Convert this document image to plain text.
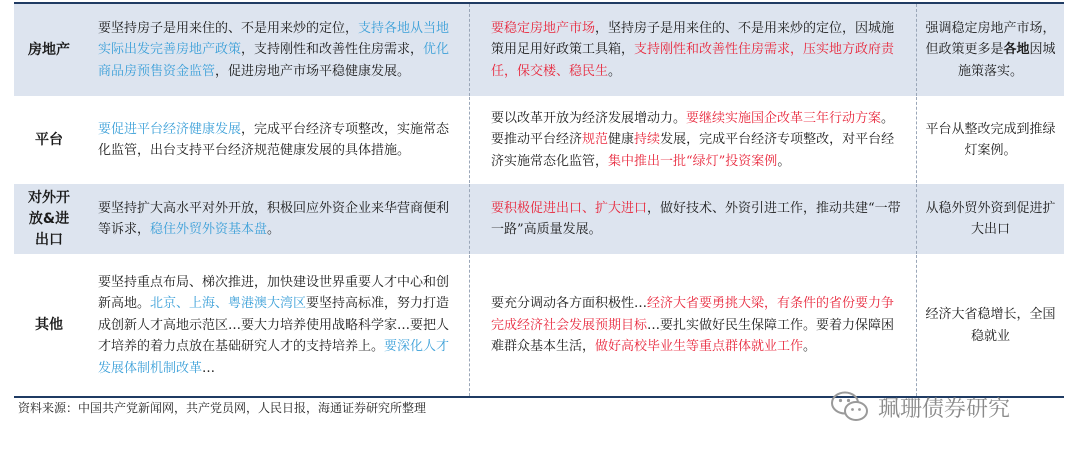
房地产

要坚持房子是用来住的、不是用来炒的定位，支持各地从当地实际出发完善房地产政策，支持刚性和改善性住房需求，优化商品房预售资金监管，促进房地产市场平稳健康发展。

要稳定房地产市场，坚持房子是用来住的、不是用来炒的定位，因城施策用足用好政策工具箱，支持刚性和改善性住房需求，压实地方政府责任，保交楼、稳民生。

强调稳定房地产市场，但政策更多是各地因城施策落实。

平台

要促进平台经济健康发展，完成平台经济专项整改，实施常态化监管，出台支持平台经济规范健康发展的具体措施。

要以改革开放为经济发展增动力。要继续实施国企改革三年行动方案。要推动平台经济规范健康持续发展，完成平台经济专项整改，对平台经济实施常态化监管，集中推出一批“绿灯”投资案例。

平台从整改完成到推绿灯案例。

对外开放&进出口

要坚持扩大高水平对外开放，积极回应外资企业来华营商便利等诉求，稳住外贸外资基本盘。

要积极促进出口、扩大进口，做好技术、外资引进工作，推动共建“一带一路”高质量发展。

从稳外贸外资到促进扩大出口

其他

要坚持重点布局、梯次推进，加快建设世界重要人才中心和创新高地。北京、上海、粤港澳大湾区要坚持高标准，努力打造成创新人才高地示范区…要大力培养使用战略科学家…要把人才培养的着力点放在基础研究人才的支持培养上。要深化人才发展体制机制改革…

要充分调动各方面积极性…经济大省要勇挑大梁，有条件的省份要力争完成经济社会发展预期目标…要扎实做好民生保障工作。要着力保障困难群众基本生活，做好高校毕业生等重点群体就业工作。

经济大省稳增长，全国稳就业

资料来源：中国共产党新闻网，共产党员网，人民日报，海通证券研究所整理	珮珊债券研究
